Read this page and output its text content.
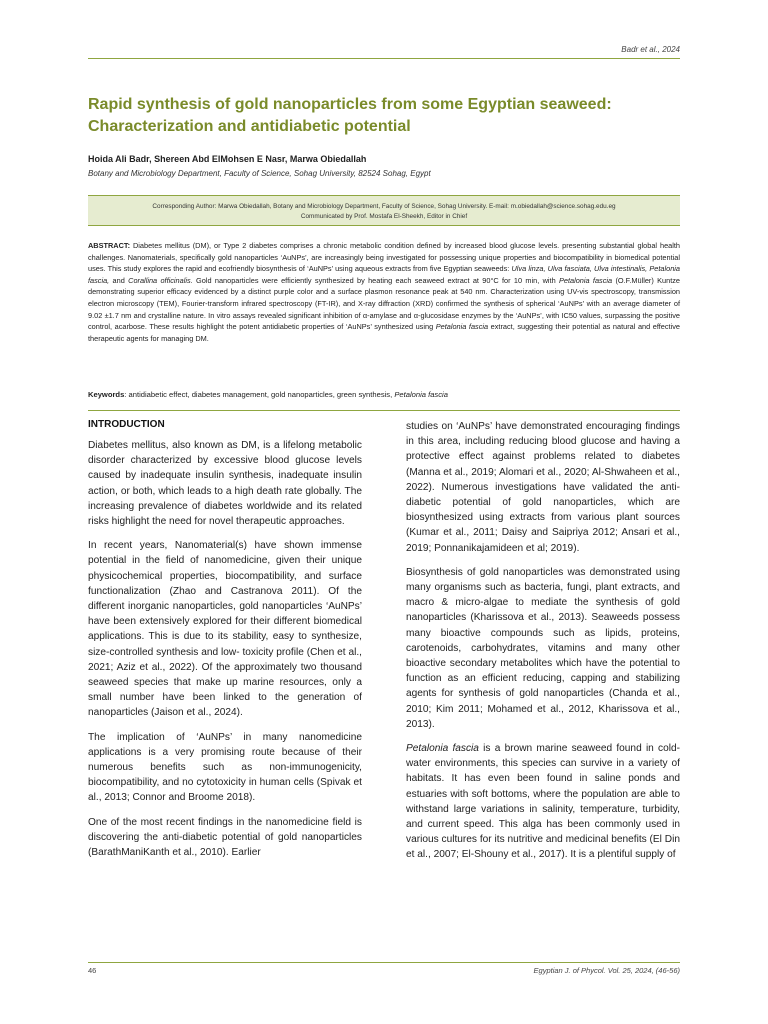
Badr et al., 2024
Rapid synthesis of gold nanoparticles from some Egyptian seaweed: Characterization and antidiabetic potential
Hoida Ali Badr, Shereen Abd ElMohsen E Nasr, Marwa Obiedallah
Botany and Microbiology Department, Faculty of Science, Sohag University, 82524 Sohag, Egypt
Corresponding Author: Marwa Obiedallah, Botany and Microbiology Department, Faculty of Science, Sohag University. E-mail: m.obiedallah@science.sohag.edu.eg
Communicated by Prof. Mostafa El-Sheekh, Editor in Chief

ABSTRACT: Diabetes mellitus (DM), or Type 2 diabetes comprises a chronic metabolic condition defined by increased blood glucose levels. presenting substantial global health challenges. Nanomaterials, specifically gold nanoparticles ‘AuNPs’, are increasingly being investigated for possessing unique properties and biocompatibility in biomedical potential uses. This study explores the rapid and ecofriendly biosynthesis of ‘AuNPs’ using aqueous extracts from five Egyptian seaweeds: Ulva linza, Ulva fasciata, Ulva intestinalis, Petalonia fascia, and Corallina officinalis. Gold nanoparticles were efficiently synthesized by heating each seaweed extract at 90°C for 10 min, with Petalonia fascia (O.F.Müller) Kuntze demonstrating superior efficacy evidenced by a distinct purple color and a surface plasmon resonance peak at 540 nm. Characterization using UV-vis spectroscopy, transmission electron microscopy (TEM), Fourier-transform infrared spectroscopy (FT-IR), and X-ray diffraction (XRD) confirmed the synthesis of spherical ‘AuNPs’ with an average diameter of 9.02 ±1.7 nm and crystalline nature. In vitro assays revealed significant inhibition of α-amylase and α-glucosidase enzymes by the ‘AuNPs’, with IC50 values, surpassing the positive control, acarbose. These results highlight the potent antidiabetic properties of ‘AuNPs’ synthesized using Petalonia fascia extract, suggesting their potential as natural and effective therapeutic agents for managing DM.

Keywords: antidiabetic effect, diabetes management, gold nanoparticles, green synthesis, Petalonia fascia

INTRODUCTION

Diabetes mellitus, also known as DM, is a lifelong metabolic disorder characterized by excessive blood glucose levels caused by inadequate insulin synthesis, inadequate insulin action, or both, which leads to a high death rate globally. The increasing prevalence of diabetes worldwide and its related risks highlight the need for novel therapeutic approaches.

In recent years, Nanomaterial(s) have shown immense potential in the field of nanomedicine, given their unique physicochemical properties, biocompatibility, and surface functionalization (Zhao and Castranova 2011). Of the different inorganic nanoparticles, gold nanoparticles ‘AuNPs’ have been extensively explored for their different biomedical applications. This is due to its stability, easy to synthesize, size-controlled synthesis and low- toxicity profile (Chen et al., 2021; Aziz et al., 2022). Of the approximately two thousand seaweed species that make up marine resources, only a small number have been linked to the generation of nanoparticles (Jaison et al., 2024).

The implication of ‘AuNPs’ in many nanomedicine applications is a very promising route because of their numerous benefits such as non-immunogenicity, biocompatibility, and no cytotoxicity in human cells (Spivak et al., 2013; Connor and Broome 2018).

One of the most recent findings in the nanomedicine field is discovering the anti-diabetic potential of gold nanoparticles (BarathManiKanth et al., 2010). Earlier

studies on ‘AuNPs’ have demonstrated encouraging findings in this area, including reducing blood glucose and having a protective effect against problems related to diabetes (Manna et al., 2019; Alomari et al., 2020; Al-Shwaheen et al., 2022). Numerous investigations have validated the anti-diabetic potential of gold nanoparticles, which are biosynthesized using extracts from various plant sources (Kumar et al., 2011; Daisy and Saipriya 2012; Ansari et al., 2019; Ponnanikajamideen et al; 2019).

Biosynthesis of gold nanoparticles was demonstrated using many organisms such as bacteria, fungi, plant extracts, and macro & micro-algae to mediate the synthesis of gold nanoparticles (Kharissova et al., 2013). Seaweeds possess many bioactive compounds such as lipids, proteins, carotenoids, carbohydrates, vitamins and many other bioactive secondary metabolites which have the potential to function as an efficient reducing, capping and stabilizing agents for synthesis of gold nanoparticles (Chanda et al., 2010; Kim 2011; Mohamed et al., 2012, Kharissova et al., 2013).

Petalonia fascia is a brown marine seaweed found in cold-water environments, this species can survive in a variety of habitats. It has even been found in saline ponds and estuaries with soft bottoms, where the population are able to withstand large variations in salinity, temperature, turbidity, and current speed. This alga has been commonly used in various cultures for its nutritive and medicinal benefits (El Din et al., 2007; El-Shouny et al., 2017). It is a plentiful supply of

46	Egyptian J. of Phycol. Vol. 25, 2024, (46-56)
